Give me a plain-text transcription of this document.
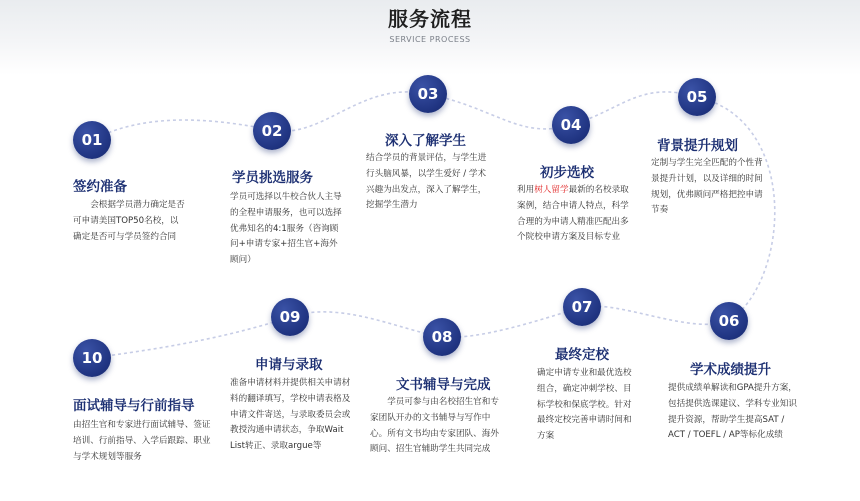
服务流程
SERVICE PROCESS
01
签约准备

　　会根据学员潜力确定是否可申请美国TOP50名校，以确定是否可与学员签约合同

02
学员挑选服务

学员可选择以牛校合伙人主导的全程申请服务，也可以选择优弗知名的4:1服务（咨询顾问+申请专家+招生官+海外顾问）

03
深入了解学生

结合学员的背景评估，与学生进行头脑风暴，以学生爱好 / 学术兴趣为出发点，深入了解学生，挖掘学生潜力

04
初步选校

利用树人留学最新的名校录取案例，结合申请人特点，科学合理的为申请人精准匹配出多个院校申请方案及目标专业

05
背景提升规划

定制与学生完全匹配的个性背景提升计划，以及详细的时间规划，优弗顾问严格把控申请节奏

06
学术成绩提升

提供成绩单解读和GPA提升方案，包括提供选课建议、学科专业知识提升资源，帮助学生提高SAT / ACT / TOEFL / AP等标化成绩

07
最终定校

确定申请专业和最优选校组合，确定冲刺学校、目标学校和保底学校。针对最终定校完善申请时间和方案

08
文书辅导与完成

　　学员可参与由名校招生官和专家团队开办的文书辅导与写作中心。所有文书均由专家团队、海外顾问、招生官辅助学生共同完成

09
申请与录取

准备申请材料并提供相关申请材料的翻译填写，学校申请表格及申请文件寄送，与录取委员会或教授沟通申请状态，争取Wait List转正、录取argue等

10
面试辅导与行前指导

由招生官和专家进行面试辅导、签证培训、行前指导、入学后跟踪、职业与学术规划等服务
